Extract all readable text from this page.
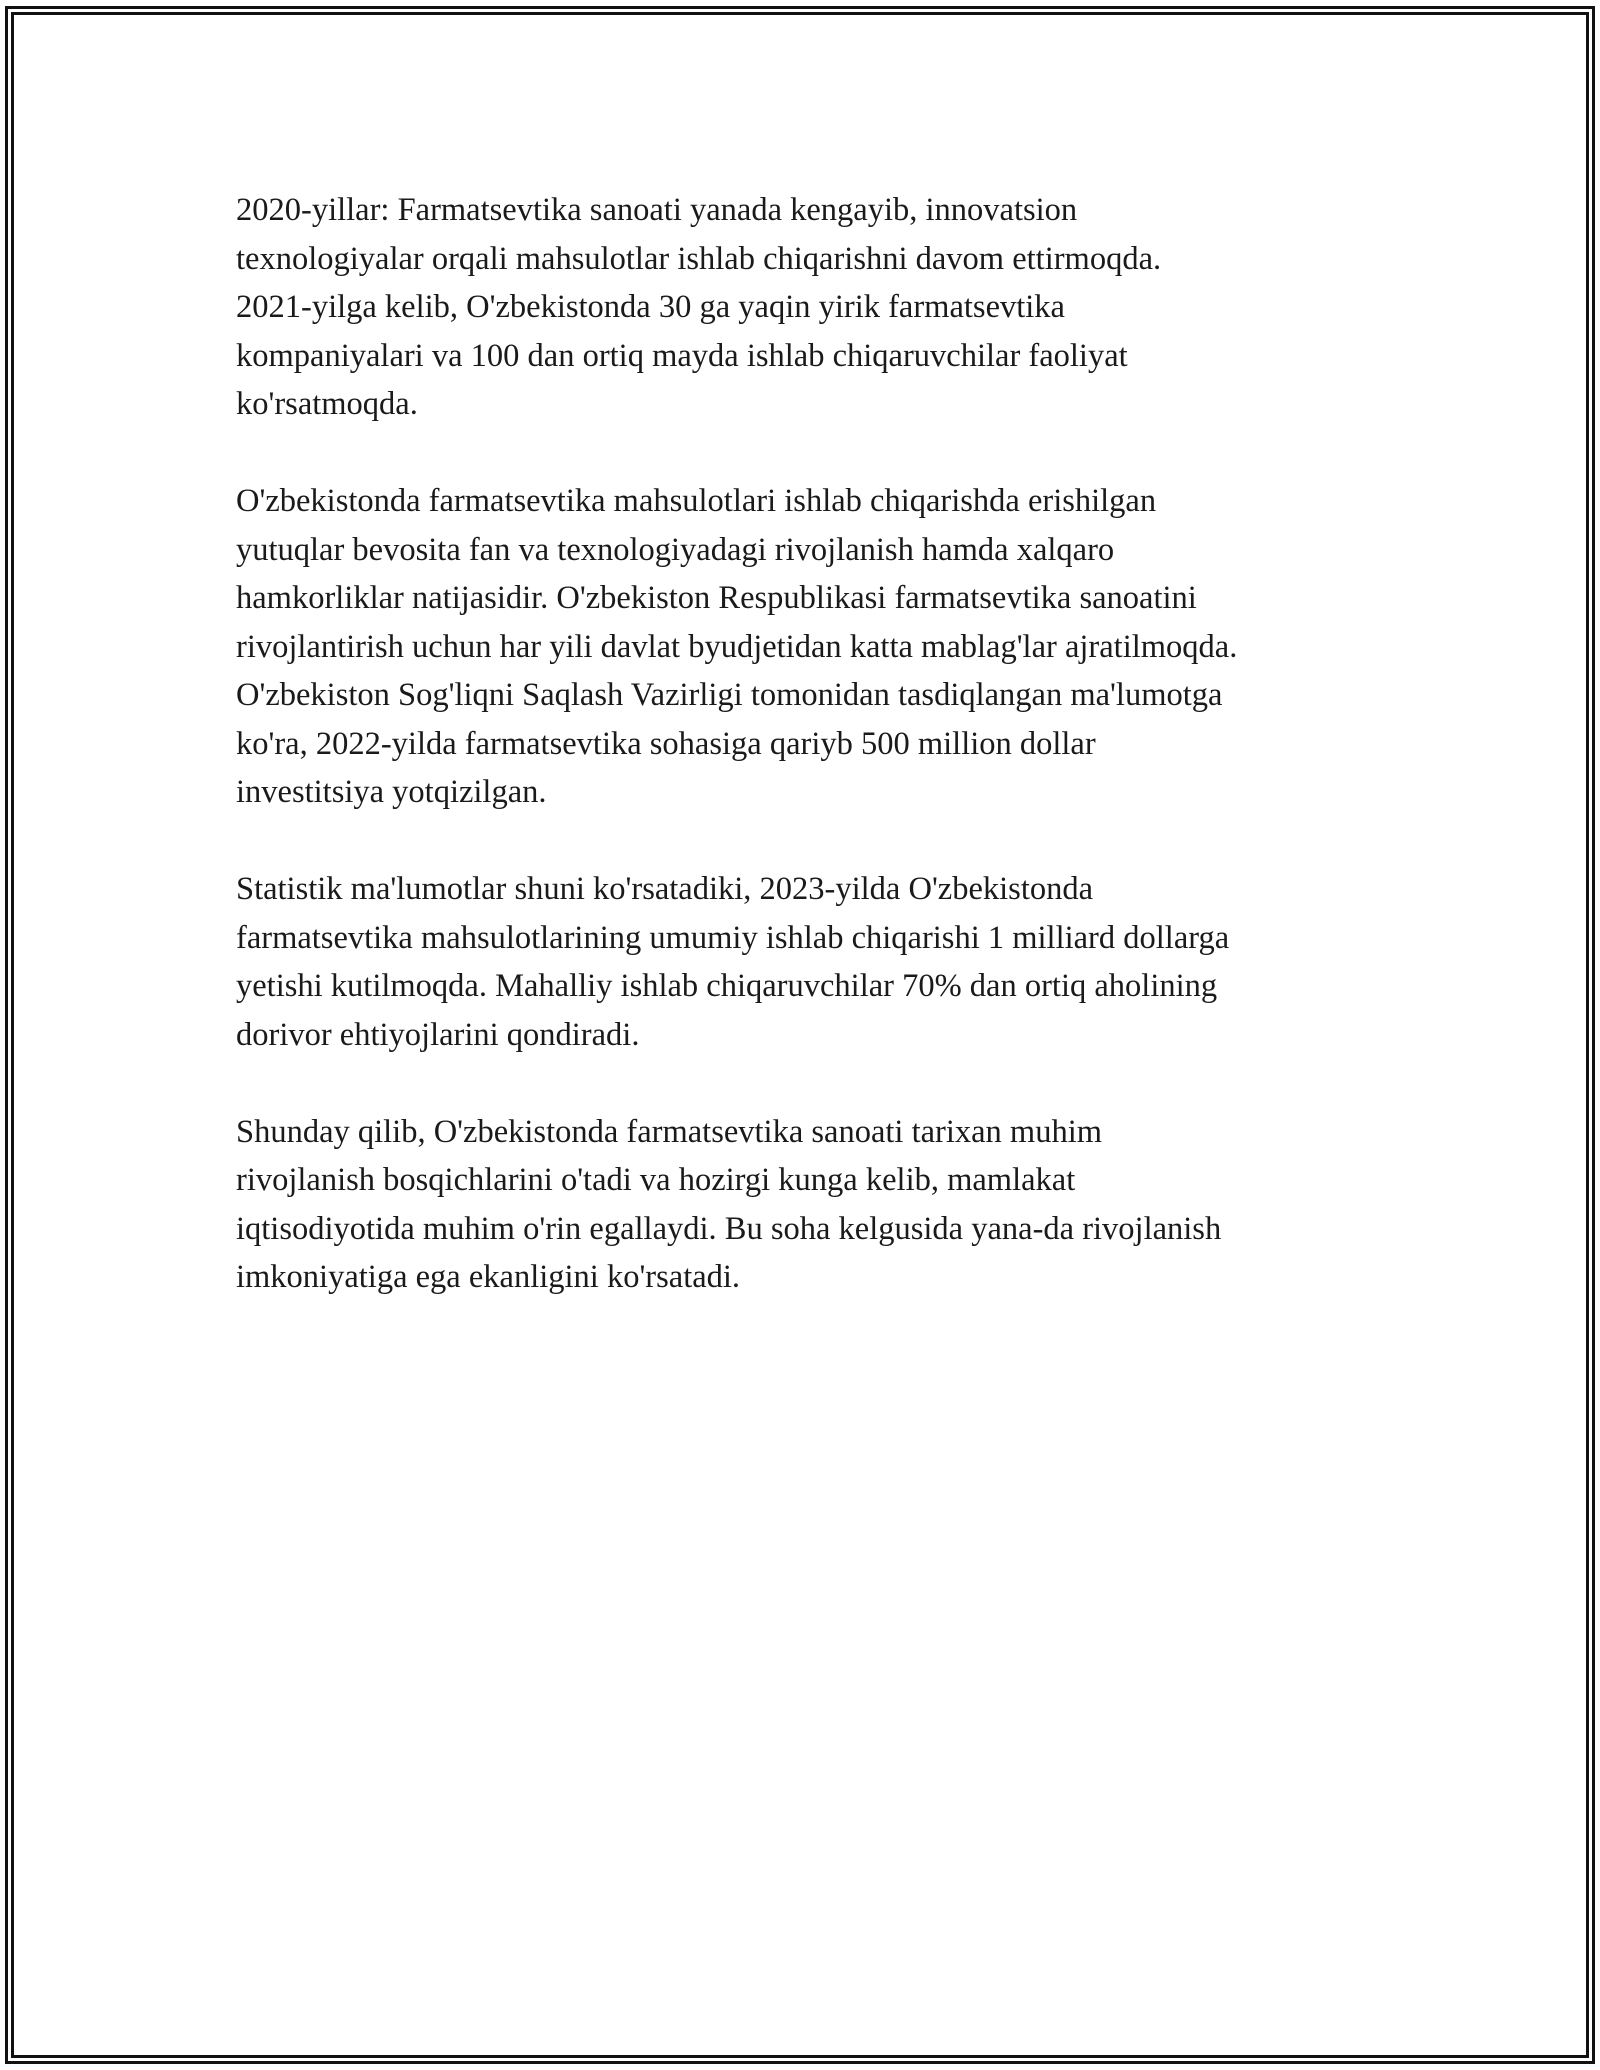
2020-yillar: Farmatsevtika sanoati yanada kengayib, innovatsion
texnologiyalar orqali mahsulotlar ishlab chiqarishni davom ettirmoqda.
2021-yilga kelib, O'zbekistonda 30 ga yaqin yirik farmatsevtika
kompaniyalari va 100 dan ortiq mayda ishlab chiqaruvchilar faoliyat
ko'rsatmoqda.

O'zbekistonda farmatsevtika mahsulotlari ishlab chiqarishda erishilgan
yutuqlar bevosita fan va texnologiyadagi rivojlanish hamda xalqaro
hamkorliklar natijasidir. O'zbekiston Respublikasi farmatsevtika sanoatini
rivojlantirish uchun har yili davlat byudjetidan katta mablag'lar ajratilmoqda.
O'zbekiston Sog'liqni Saqlash Vazirligi tomonidan tasdiqlangan ma'lumotga
ko'ra, 2022-yilda farmatsevtika sohasiga qariyb 500 million dollar
investitsiya yotqizilgan.

Statistik ma'lumotlar shuni ko'rsatadiki, 2023-yilda O'zbekistonda
farmatsevtika mahsulotlarining umumiy ishlab chiqarishi 1 milliard dollarga
yetishi kutilmoqda. Mahalliy ishlab chiqaruvchilar 70% dan ortiq aholining
dorivor ehtiyojlarini qondiradi.

Shunday qilib, O'zbekistonda farmatsevtika sanoati tarixan muhim
rivojlanish bosqichlarini o'tadi va hozirgi kunga kelib, mamlakat
iqtisodiyotida muhim o'rin egallaydi. Bu soha kelgusida yana-da rivojlanish
imkoniyatiga ega ekanligini ko'rsatadi.
